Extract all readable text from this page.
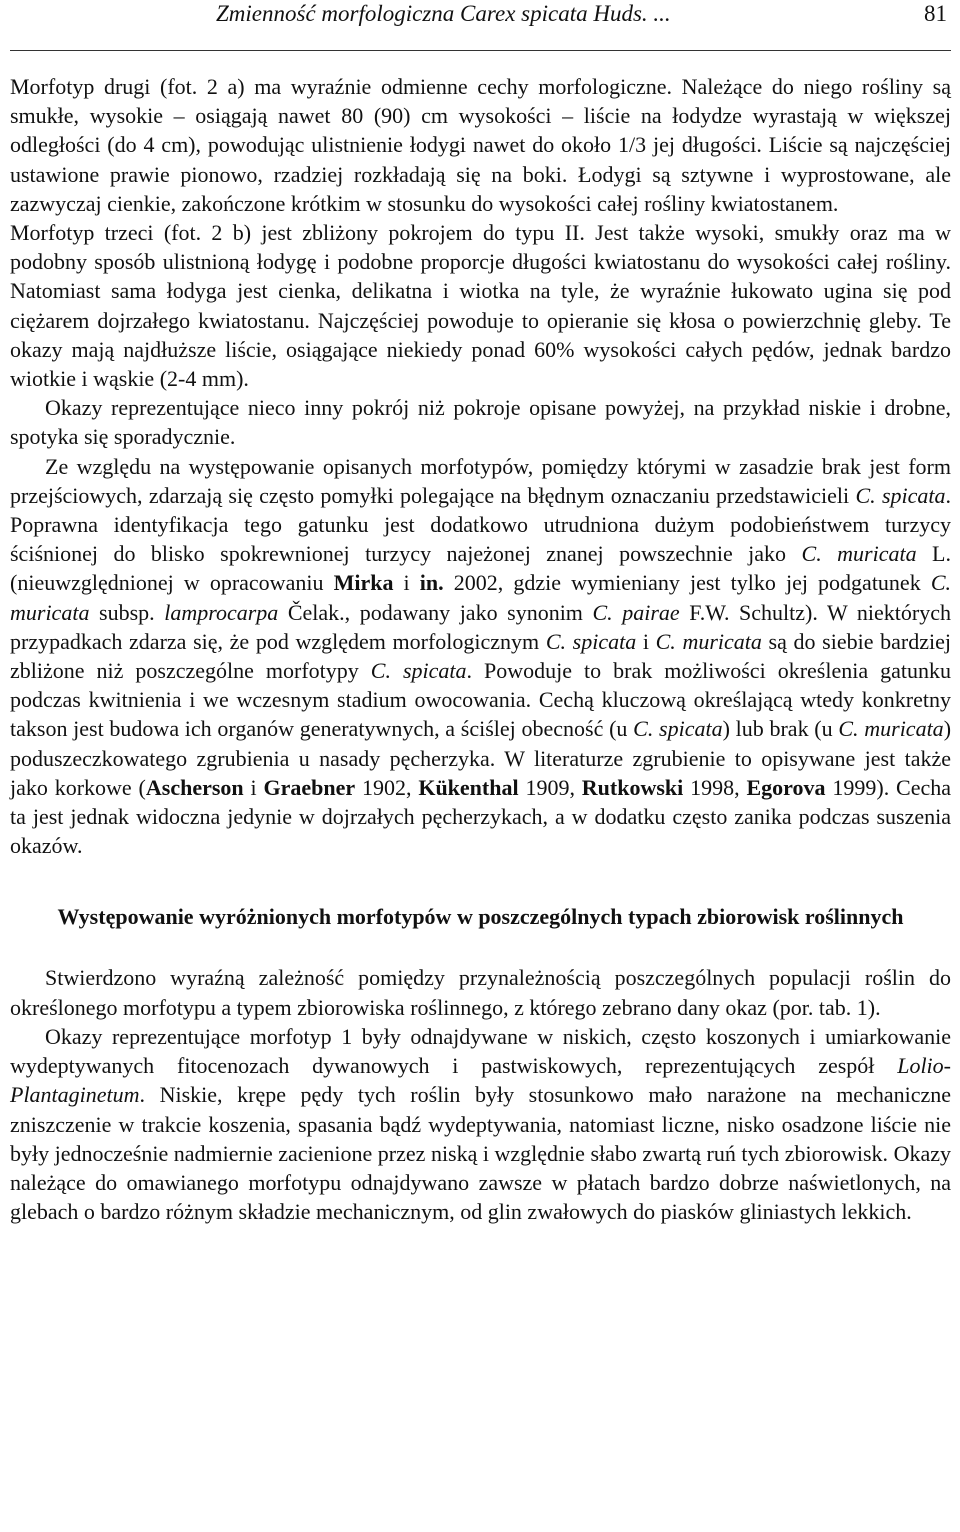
Zmienność morfologiczna Carex spicata Huds. ...	81

Morfotyp drugi (fot. 2 a) ma wyraźnie odmienne cechy morfologiczne. Należące do niego rośliny są smukłe, wysokie – osiągają nawet 80 (90) cm wysokości – liście na łodydze wyrastają w większej odległości (do 4 cm), powodując ulistnienie łodygi nawet do około 1/3 jej długości. Liście są najczęściej ustawione prawie pionowo, rzadziej rozkładają się na boki. Łodygi są sztywne i wyprostowane, ale zazwyczaj cienkie, zakończone krótkim w stosunku do wysokości całej rośliny kwiatostanem.

Morfotyp trzeci (fot. 2 b) jest zbliżony pokrojem do typu II. Jest także wysoki, smukły oraz ma w podobny sposób ulistnioną łodygę i podobne proporcje długości kwiatostanu do wysokości całej rośliny. Natomiast sama łodyga jest cienka, delikatna i wiotka na tyle, że wyraźnie łukowato ugina się pod ciężarem dojrzałego kwiatostanu. Najczęściej powoduje to opieranie się kłosa o powierzchnię gleby. Te okazy mają najdłuższe liście, osiągające niekiedy ponad 60% wysokości całych pędów, jednak bardzo wiotkie i wąskie (2-4 mm).

Okazy reprezentujące nieco inny pokrój niż pokroje opisane powyżej, na przykład niskie i drobne, spotyka się sporadycznie.

Ze względu na występowanie opisanych morfotypów, pomiędzy którymi w zasadzie brak jest form przejściowych, zdarzają się często pomyłki polegające na błędnym oznaczaniu przedstawicieli C. spicata. Poprawna identyfikacja tego gatunku jest dodatkowo utrudniona dużym podobieństwem turzycy ściśnionej do blisko spokrewnionej turzycy najeżonej znanej powszechnie jako C. muricata L. (nieuwzględnionej w opracowaniu Mirka i in. 2002, gdzie wymieniany jest tylko jej podgatunek C. muricata subsp. lamprocarpa Čelak., podawany jako synonim C. pairae F.W. Schultz). W niektórych przypadkach zdarza się, że pod względem morfologicznym C. spicata i C. muricata są do siebie bardziej zbliżone niż poszczególne morfotypy C. spicata. Powoduje to brak możliwości określenia gatunku podczas kwitnienia i we wczesnym stadium owocowania. Cechą kluczową określającą wtedy konkretny takson jest budowa ich organów generatywnych, a ściślej obecność (u C. spicata) lub brak (u C. muricata) poduszeczkowatego zgrubienia u nasady pęcherzyka. W literaturze zgrubienie to opisywane jest także jako korkowe (Ascherson i Graebner 1902, Kükenthal 1909, Rutkowski 1998, Egorova 1999). Cecha ta jest jednak widoczna jedynie w dojrzałych pęcherzykach, a w dodatku często zanika podczas suszenia okazów.

Występowanie wyróżnionych morfotypów w poszczególnych typach zbiorowisk roślinnych

Stwierdzono wyraźną zależność pomiędzy przynależnością poszczególnych populacji roślin do określonego morfotypu a typem zbiorowiska roślinnego, z którego zebrano dany okaz (por. tab. 1).

Okazy reprezentujące morfotyp 1 były odnajdywane w niskich, często koszonych i umiarkowanie wydeptywanych fitocenozach dywanowych i pastwiskowych, reprezentujących zespół Lolio-Plantaginetum. Niskie, krępe pędy tych roślin były stosunkowo mało narażone na mechaniczne zniszczenie w trakcie koszenia, spasania bądź wydeptywania, natomiast liczne, nisko osadzone liście nie były jednocześnie nadmiernie zacienione przez niską i względnie słabo zwartą ruń tych zbiorowisk. Okazy należące do omawianego morfotypu odnajdywano zawsze w płatach bardzo dobrze naświetlonych, na glebach o bardzo różnym składzie mechanicznym, od glin zwałowych do piasków gliniastych lekkich.
